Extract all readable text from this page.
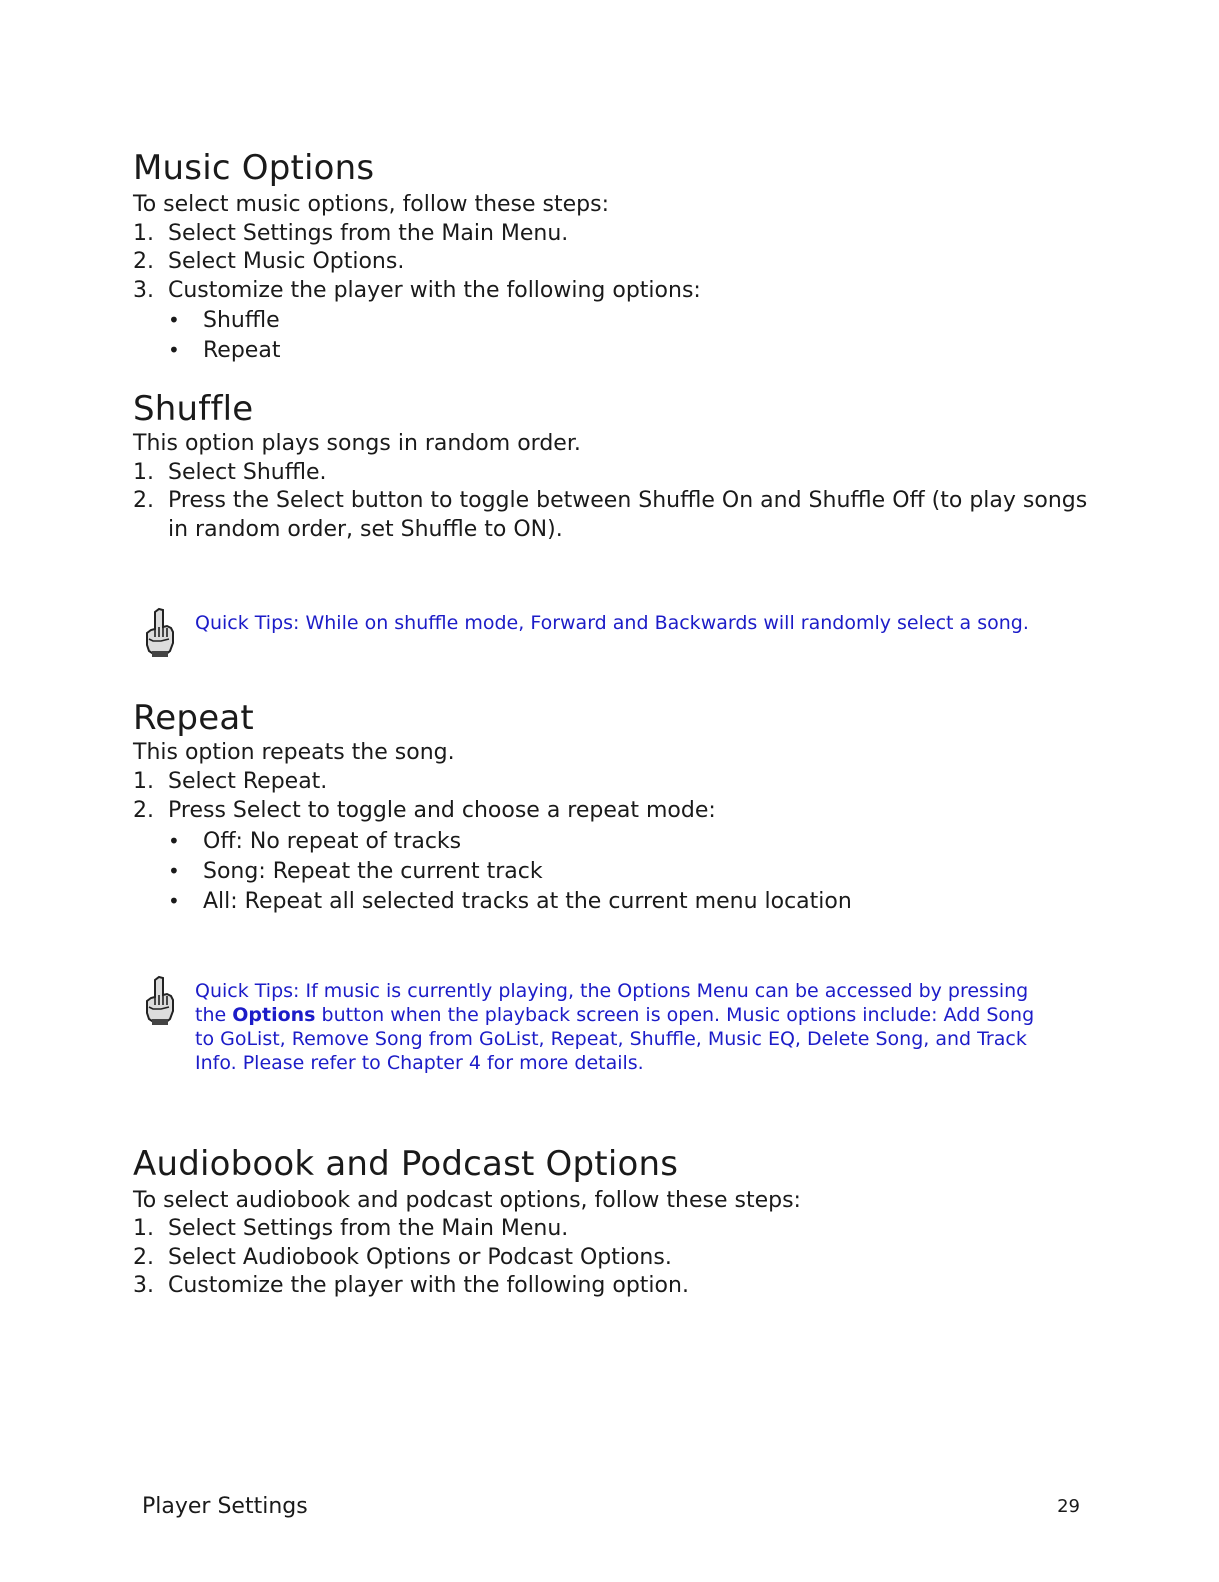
Music Options

To select music options, follow these steps:

1. Select Settings from the Main Menu.
2. Select Music Options.
3. Customize the player with the following options:
• Shuffle
• Repeat
Shuffle

This option plays songs in random order.

1. Select Shuffle.
2. Press the Select button to toggle between Shuffle On and Shuffle Off (to play songs in random order, set Shuffle to ON).
Quick Tips: While on shuffle mode, Forward and Backwards will randomly select a song.
Repeat

This option repeats the song.

1. Select Repeat.
2. Press Select to toggle and choose a repeat mode:
• Off: No repeat of tracks
• Song: Repeat the current track
• All: Repeat all selected tracks at the current menu location
Quick Tips: If music is currently playing, the Options Menu can be accessed by pressing the Options button when the playback screen is open. Music options include: Add Song to GoList, Remove Song from GoList, Repeat, Shuffle, Music EQ, Delete Song, and Track Info. Please refer to Chapter 4 for more details.
Audiobook and Podcast Options

To select audiobook and podcast options, follow these steps:

1. Select Settings from the Main Menu.
2. Select Audiobook Options or Podcast Options.
3. Customize the player with the following option.
Player Settings	29
